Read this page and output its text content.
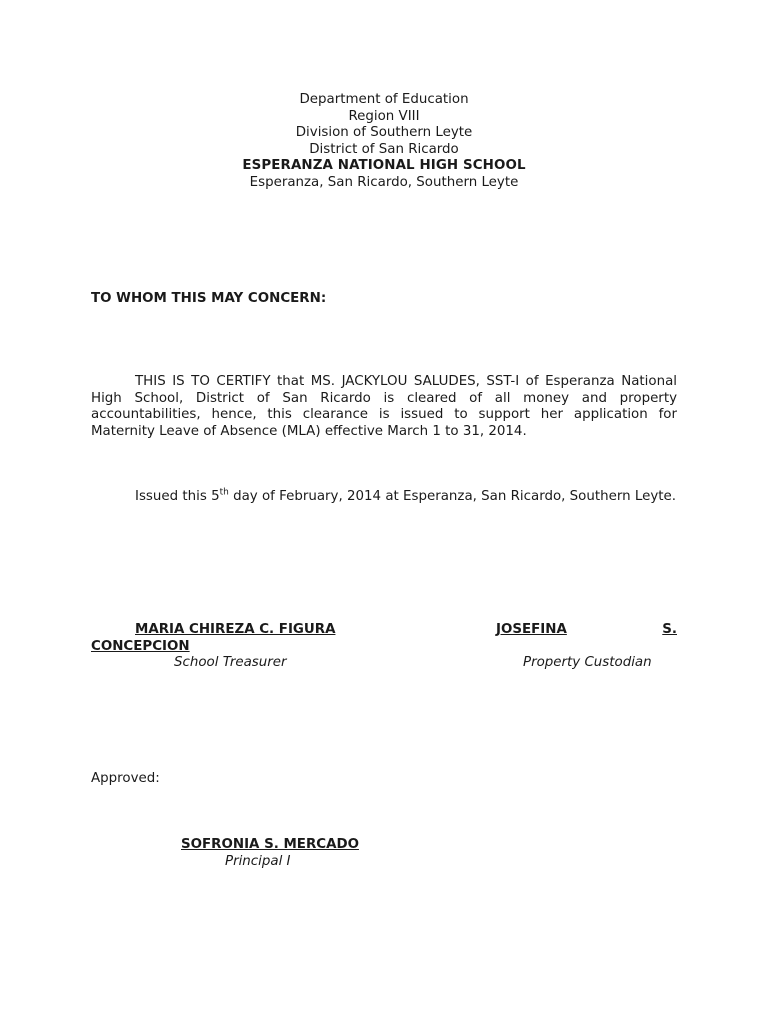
Department of Education
Region VIII
Division of Southern Leyte
District of San Ricardo
ESPERANZA NATIONAL HIGH SCHOOL
Esperanza, San Ricardo, Southern Leyte
TO WHOM THIS MAY CONCERN:
THIS IS TO CERTIFY that MS. JACKYLOU SALUDES, SST-I of Esperanza National High School, District of San Ricardo is cleared of all money and property accountabilities, hence, this clearance is issued to support her application for Maternity Leave of Absence (MLA) effective March 1 to 31, 2014.
Issued this 5th day of February, 2014 at Esperanza, San Ricardo, Southern Leyte.
MARIA CHIREZA C. FIGURA
CONCEPCION
School Treasurer
JOSEFINA	S.
Property Custodian
Approved:
SOFRONIA S. MERCADO
Principal I
